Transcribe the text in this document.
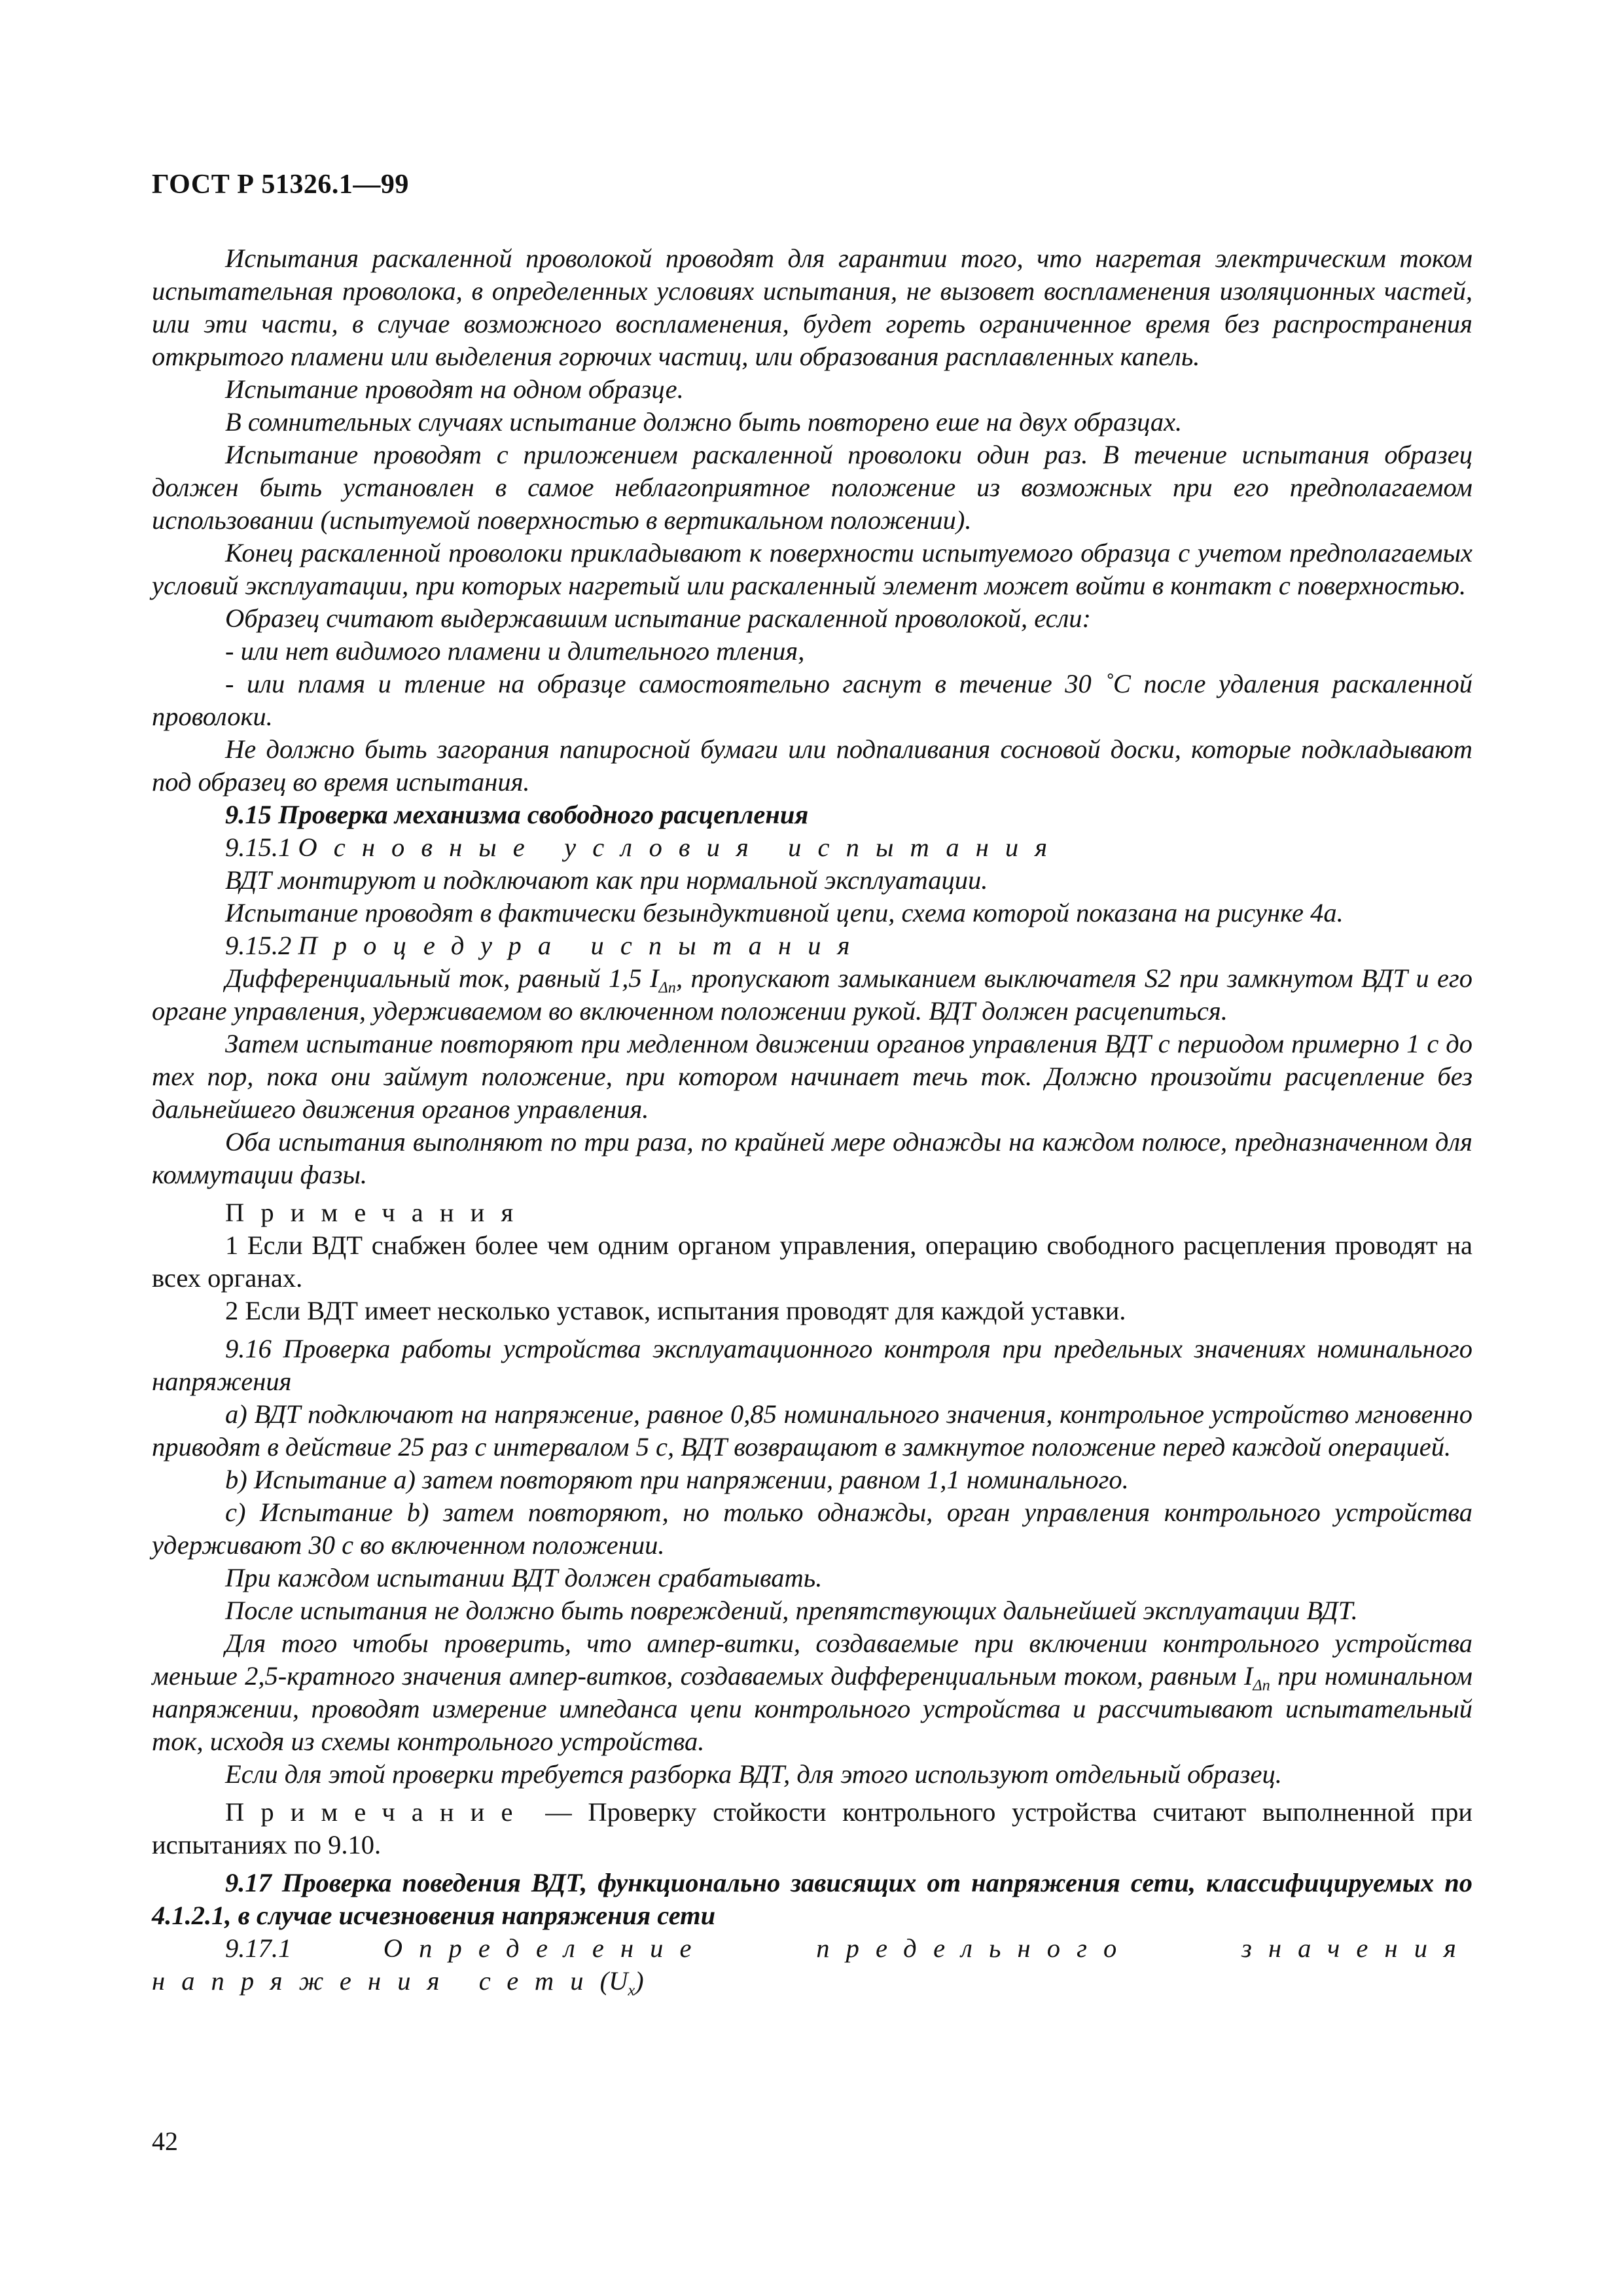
ГОСТ Р 51326.1—99

Испытания раскаленной проволокой проводят для гарантии того, что нагретая электрическим током испытательная проволока, в определенных условиях испытания, не вызовет воспламенения изоляционных частей, или эти части, в случае возможного воспламенения, будет гореть ограниченное время без распространения открытого пламени или выделения горючих частиц, или образования расплавленных капель.

Испытание проводят на одном образце.

В сомнительных случаях испытание должно быть повторено еше на двух образцах.

Испытание проводят с приложением раскаленной проволоки один раз. В течение испытания образец должен быть установлен в самое неблагоприятное положение из возможных при его предполагаемом использовании (испытуемой поверхностью в вертикальном положении).

Конец раскаленной проволоки прикладывают к поверхности испытуемого образца с учетом предполагаемых условий эксплуатации, при которых нагретый или раскаленный элемент может войти в контакт с поверхностью.

Образец считают выдержавшим испытание раскаленной проволокой, если:

- или нет видимого пламени и длительного тления,

- или пламя и тление на образце самостоятельно гаснут в течение 30 ˚С после удаления раскаленной проволоки.

Не должно быть загорания папиросной бумаги или подпаливания сосновой доски, которые подкладывают под образец во время испытания.

9.15 Проверка механизма свободного расцепления

9.15.1 Основные условия испытания

ВДТ монтируют и подключают как при нормальной эксплуатации.

Испытание проводят в фактически безындуктивной цепи, схема которой показана на рисунке 4а.

9.15.2 Процедура испытания

Дифференциальный ток, равный 1,5 $I_{\Delta n}$, пропускают замыканием выключателя S2 при замкнутом ВДТ и его органе управления, удерживаемом во включенном положении рукой. ВДТ должен расцепиться.

Затем испытание повторяют при медленном движении органов управления ВДТ с периодом примерно 1 с до тех пор, пока они займут положение, при котором начинает течь ток. Должно произойти расцепление без дальнейшего движения органов управления.

Оба испытания выполняют по три раза, по крайней мере однажды на каждом полюсе, предназначенном для коммутации фазы.

Примечания

1 Если ВДТ снабжен более чем одним органом управления, операцию свободного расцепления проводят на всех органах.

2 Если ВДТ имеет несколько уставок, испытания проводят для каждой уставки.

9.16 Проверка работы устройства эксплуатационного контроля при предельных значениях номинального напряжения

а) ВДТ подключают на напряжение, равное 0,85 номинального значения, контрольное устройство мгновенно приводят в действие 25 раз с интервалом 5 с, ВДТ возвращают в замкнутое положение перед каждой операцией.

b) Испытание а) затем повторяют при напряжении, равном 1,1 номинального.

c) Испытание b) затем повторяют, но только однажды, орган управления контрольного устройства удерживают 30 с во включенном положении.

При каждом испытании ВДТ должен срабатывать.

После испытания не должно быть повреждений, препятствующих дальнейшей эксплуатации ВДТ.

Для того чтобы проверить, что ампер-витки, создаваемые при включении контрольного устройства меньше 2,5-кратного значения ампер-витков, создаваемых дифференциальным током, равным $I_{\Delta n}$ при номинальном напряжении, проводят измерение импеданса цепи контрольного устройства и рассчитывают испытательный ток, исходя из схемы контрольного устройства.

Если для этой проверки требуется разборка ВДТ, для этого используют отдельный образец.

Примечание — Проверку стойкости контрольного устройства считают выполненной при испытаниях по 9.10.

9.17 Проверка поведения ВДТ, функционально зависящих от напряжения сети, классифицируемых по 4.1.2.1, в случае исчезновения напряжения сети

9.17.1	Определение предельного значения напряжения $сети(U_x)$

42
